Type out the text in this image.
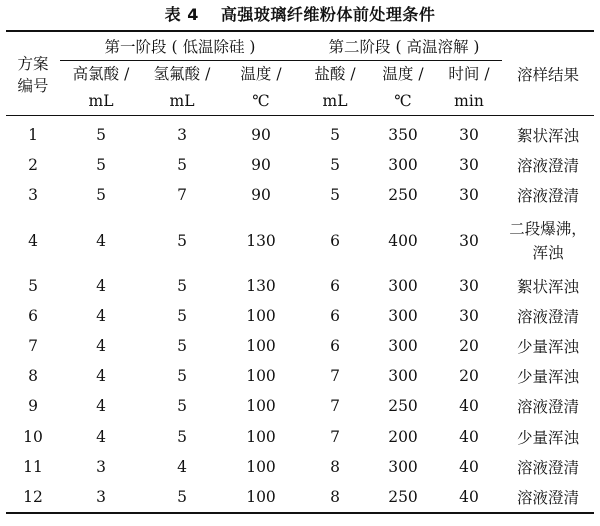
表 4 高强玻璃纤维粉体前处理条件
方案
编号	第一阶段 ( 低温除硅 )			第二阶段 ( 高温溶解 )			溶样结果
	高氯酸 /	氢氟酸 /	温度 /	盐酸 /	温度 /	时间 /	
	mL	mL	℃	mL	℃	min	
1	5	3	90	5	350	30	絮状浑浊

2	5	5	90	5	300	30	溶液澄清

3	5	7	90	5	250	30	溶液澄清

4	4	5	130	6	400	30	二段爆沸，
浑浊

5	4	5	130	6	300	30	絮状浑浊

6	4	5	100	6	300	30	溶液澄清

7	4	5	100	6	300	20	少量浑浊

8	4	5	100	7	300	20	少量浑浊

9	4	5	100	7	250	40	溶液澄清

10	4	5	100	7	200	40	少量浑浊

11	3	4	100	8	300	40	溶液澄清

12	3	5	100	8	250	40	溶液澄清
